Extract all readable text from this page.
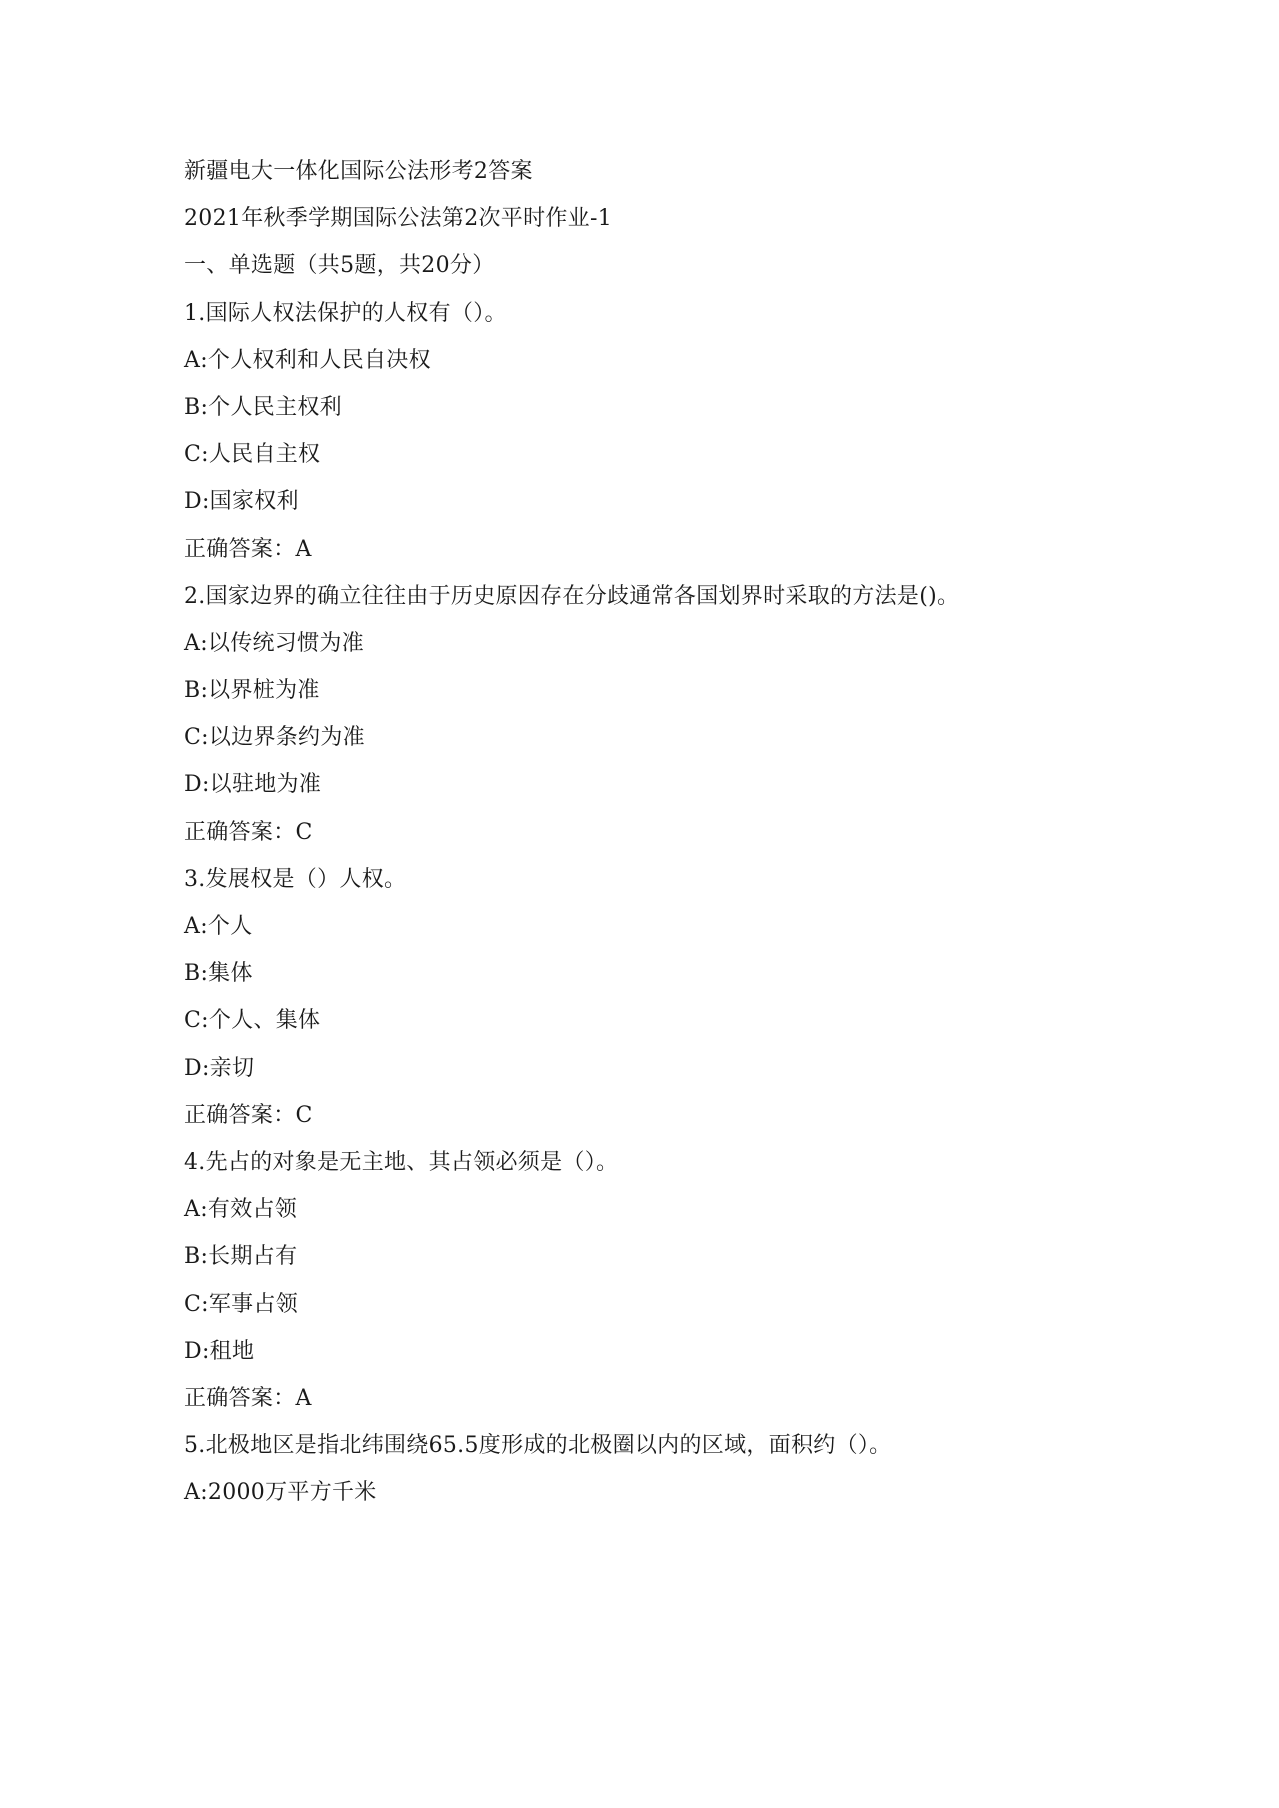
新疆电大一体化国际公法形考2答案
2021年秋季学期国际公法第2次平时作业-1
一、单选题（共5题，共20分）
1.国际人权法保护的人权有（）。
A:个人权利和人民自决权
B:个人民主权利
C:人民自主权
D:国家权利
正确答案：A
2.国家边界的确立往往由于历史原因存在分歧通常各国划界时采取的方法是()。
A:以传统习惯为准
B:以界桩为准
C:以边界条约为准
D:以驻地为准
正确答案：C
3.发展权是（）人权。
A:个人
B:集体
C:个人、集体
D:亲切
正确答案：C
4.先占的对象是无主地、其占领必须是（）。
A:有效占领
B:长期占有
C:军事占领
D:租地
正确答案：A
5.北极地区是指北纬围绕65.5度形成的北极圈以内的区域，面积约（）。
A:2000万平方千米
